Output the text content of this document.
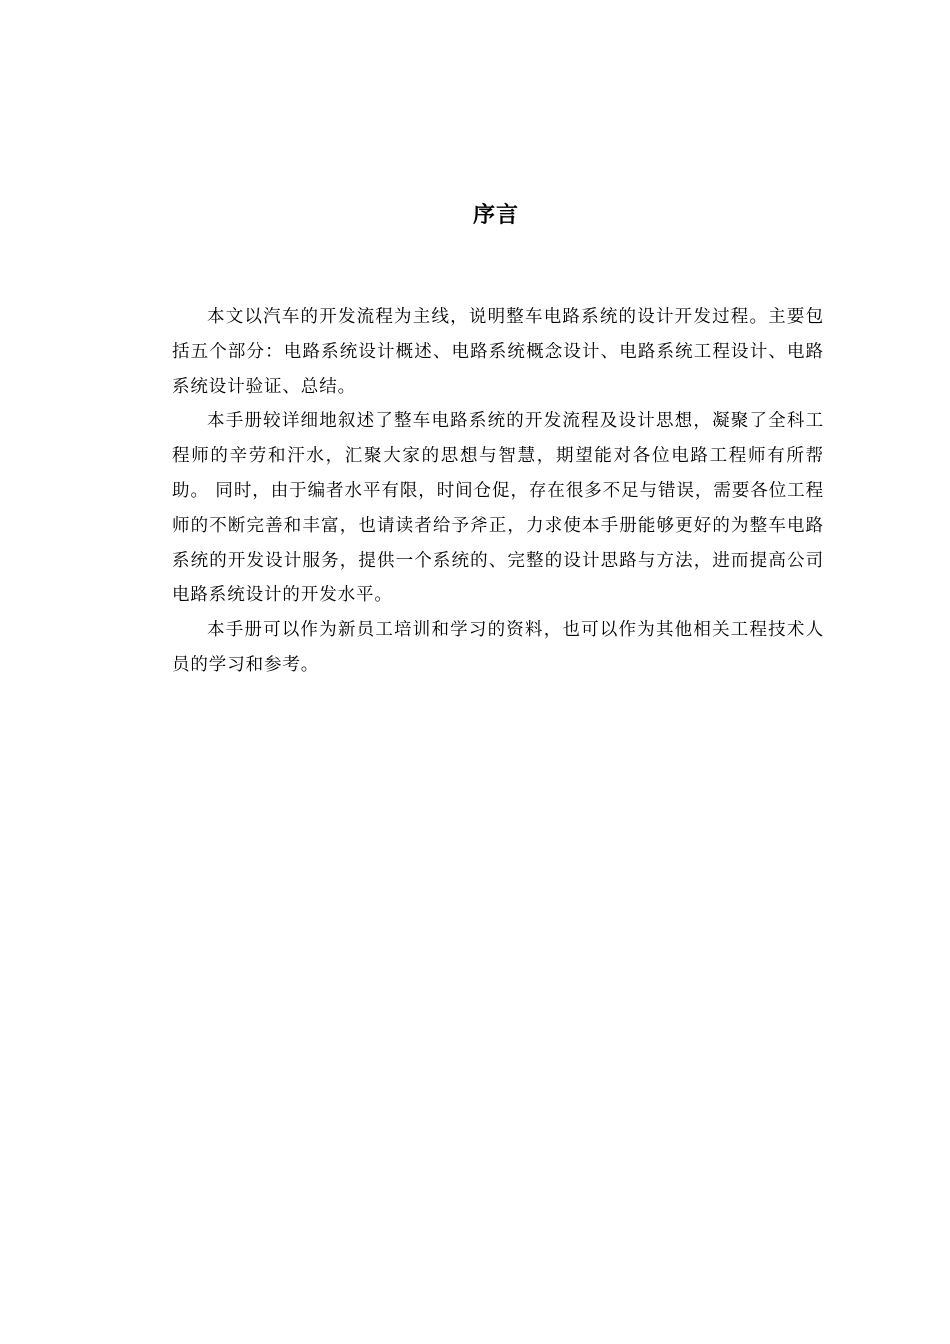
序言

本文以汽车的开发流程为主线，说明整车电路系统的设计开发过程。主要包括五个部分：电路系统设计概述、电路系统概念设计、电路系统工程设计、电路系统设计验证、总结。

本手册较详细地叙述了整车电路系统的开发流程及设计思想，凝聚了全科工程师的辛劳和汗水，汇聚大家的思想与智慧，期望能对各位电路工程师有所帮助。 同时，由于编者水平有限，时间仓促，存在很多不足与错误，需要各位工程师的不断完善和丰富，也请读者给予斧正，力求使本手册能够更好的为整车电路系统的开发设计服务，提供一个系统的、完整的设计思路与方法，进而提高公司电路系统设计的开发水平。

本手册可以作为新员工培训和学习的资料，也可以作为其他相关工程技术人员的学习和参考。
